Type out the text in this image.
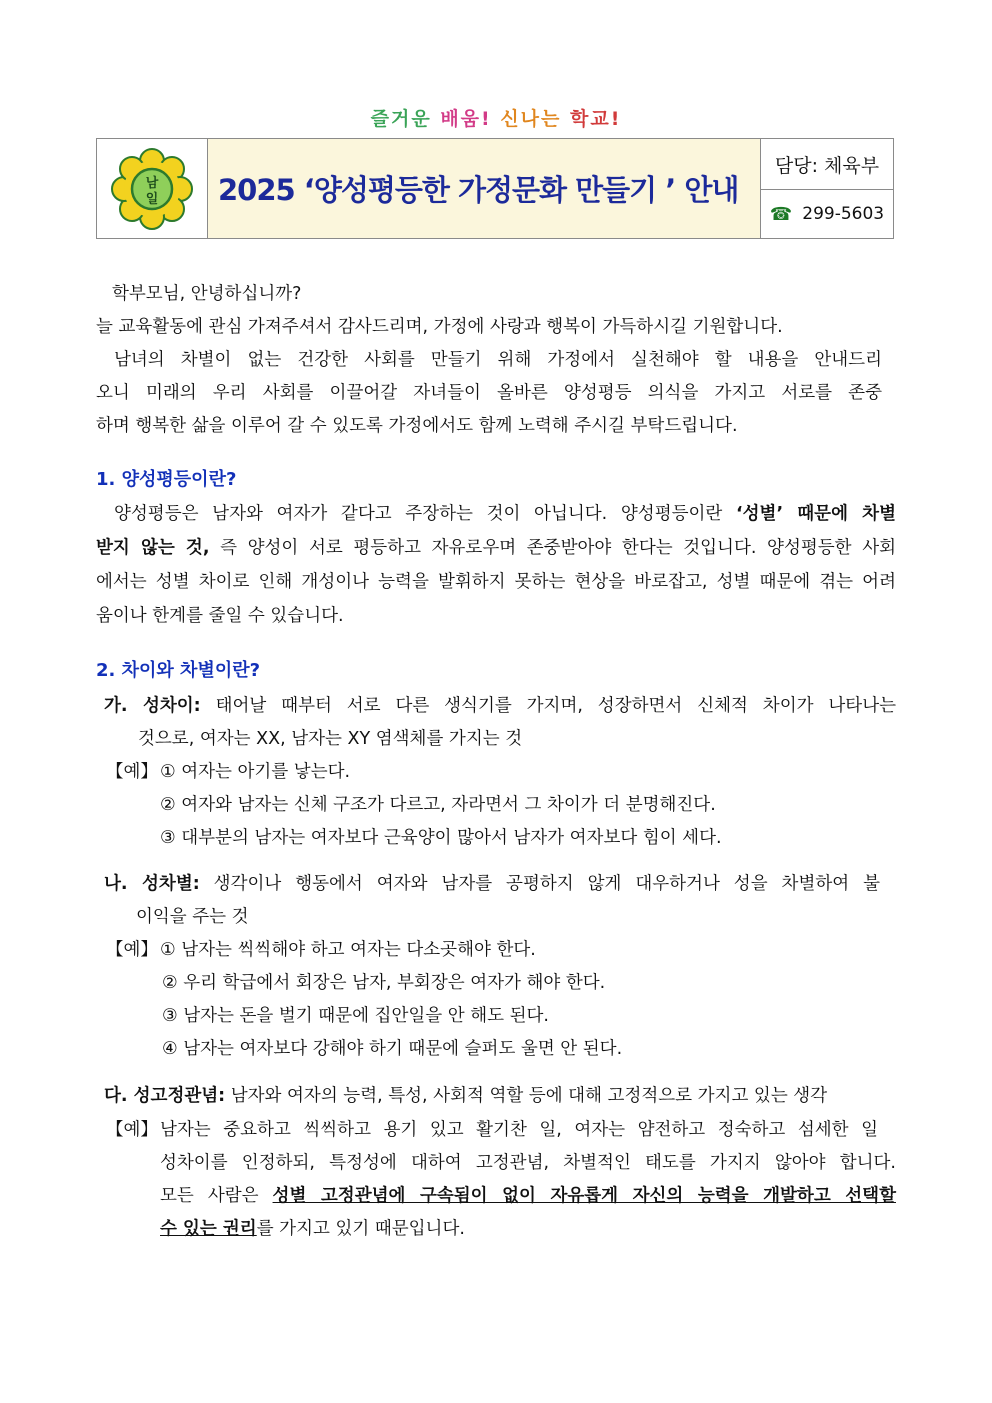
즐거운 배움! 신나는 학교!
남
일 2025 ‘양성평등한 가정문화 만들기 ’ 안내
담당: 체육부
☎ 299-5603
학부모님, 안녕하십니까?
늘 교육활동에 관심 가져주셔서 감사드리며, 가정에 사랑과 행복이 가득하시길 기원합니다.
남녀의 차별이 없는 건강한 사회를 만들기 위해 가정에서 실천해야 할 내용을 안내드리
오니 미래의 우리 사회를 이끌어갈 자녀들이 올바른 양성평등 의식을 가지고 서로를 존중
하며 행복한 삶을 이루어 갈 수 있도록 가정에서도 함께 노력해 주시길 부탁드립니다.
1. 양성평등이란?
양성평등은 남자와 여자가 같다고 주장하는 것이 아닙니다. 양성평등이란 ‘성별’ 때문에 차별
받지 않는 것, 즉 양성이 서로 평등하고 자유로우며 존중받아야 한다는 것입니다. 양성평등한 사회
에서는 성별 차이로 인해 개성이나 능력을 발휘하지 못하는 현상을 바로잡고, 성별 때문에 겪는 어려
움이나 한계를 줄일 수 있습니다.
2. 차이와 차별이란?
가. 성차이: 태어날 때부터 서로 다른 생식기를 가지며, 성장하면서 신체적 차이가 나타나는
것으로, 여자는 XX, 남자는 XY 염색체를 가지는 것
【예】 ① 여자는 아기를 낳는다.
② 여자와 남자는 신체 구조가 다르고, 자라면서 그 차이가 더 분명해진다.
③ 대부분의 남자는 여자보다 근육양이 많아서 남자가 여자보다 힘이 세다.
나. 성차별: 생각이나 행동에서 여자와 남자를 공평하지 않게 대우하거나 성을 차별하여 불
이익을 주는 것
【예】 ① 남자는 씩씩해야 하고 여자는 다소곳해야 한다.
② 우리 학급에서 회장은 남자, 부회장은 여자가 해야 한다.
③ 남자는 돈을 벌기 때문에 집안일을 안 해도 된다.
④ 남자는 여자보다 강해야 하기 때문에 슬퍼도 울면 안 된다.
다. 성고정관념: 남자와 여자의 능력, 특성, 사회적 역할 등에 대해 고정적으로 가지고 있는 생각
【예】 남자는 중요하고 씩씩하고 용기 있고 활기찬 일, 여자는 얌전하고 정숙하고 섬세한 일
성차이를 인정하되, 특정성에 대하여 고정관념, 차별적인 태도를 가지지 않아야 합니다.
모든 사람은 성별 고정관념에 구속됨이 없이 자유롭게 자신의 능력을 개발하고 선택할
수 있는 권리를 가지고 있기 때문입니다.
